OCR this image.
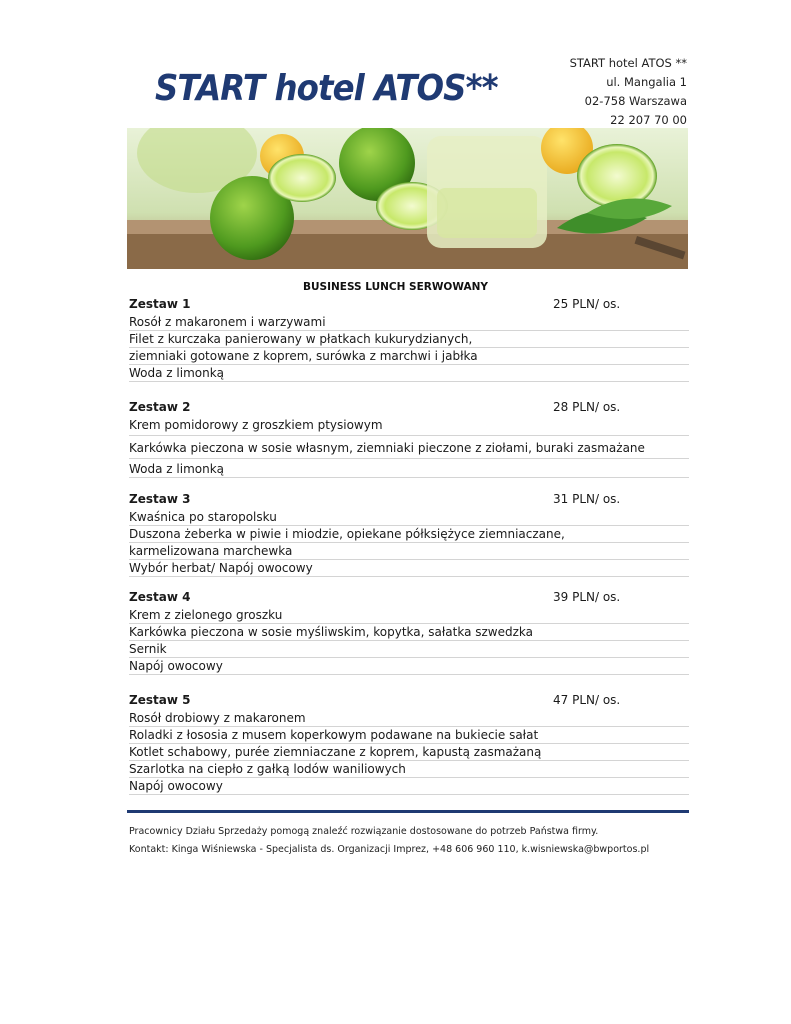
START hotel ATOS**
START hotel ATOS **
ul. Mangalia 1
02-758 Warszawa
22 207 70 00
BUSINESS LUNCH SERWOWANY
Zestaw 1	25 PLN/ os.
Rosół z makaronem i warzywami
Filet z kurczaka panierowany w płatkach kukurydzianych,
ziemniaki gotowane z koprem, surówka z marchwi i jabłka
Woda z limonką
Zestaw 2	28 PLN/ os.
Krem pomidorowy z groszkiem ptysiowym
Karkówka pieczona w sosie własnym, ziemniaki pieczone z ziołami, buraki zasmażane
Woda z limonką
Zestaw 3	31 PLN/ os.
Kwaśnica po staropolsku
Duszona żeberka w piwie i miodzie, opiekane półksiężyce ziemniaczane,
karmelizowana marchewka
Wybór herbat/ Napój owocowy
Zestaw 4	39 PLN/ os.
Krem z zielonego groszku
Karkówka pieczona w sosie myśliwskim, kopytka, sałatka szwedzka
Sernik
Napój owocowy
Zestaw 5	47 PLN/ os.
Rosół drobiowy z makaronem
Roladki z łososia z musem koperkowym podawane na bukiecie sałat
Kotlet schabowy, purée ziemniaczane z koprem, kapustą zasmażaną
Szarlotka na ciepło z gałką lodów waniliowych
Napój owocowy
Pracownicy Działu Sprzedaży pomogą znaleźć rozwiązanie dostosowane do potrzeb Państwa firmy.
Kontakt: Kinga Wiśniewska - Specjalista ds. Organizacji Imprez, +48 606 960 110, k.wisniewska@bwportos.pl
